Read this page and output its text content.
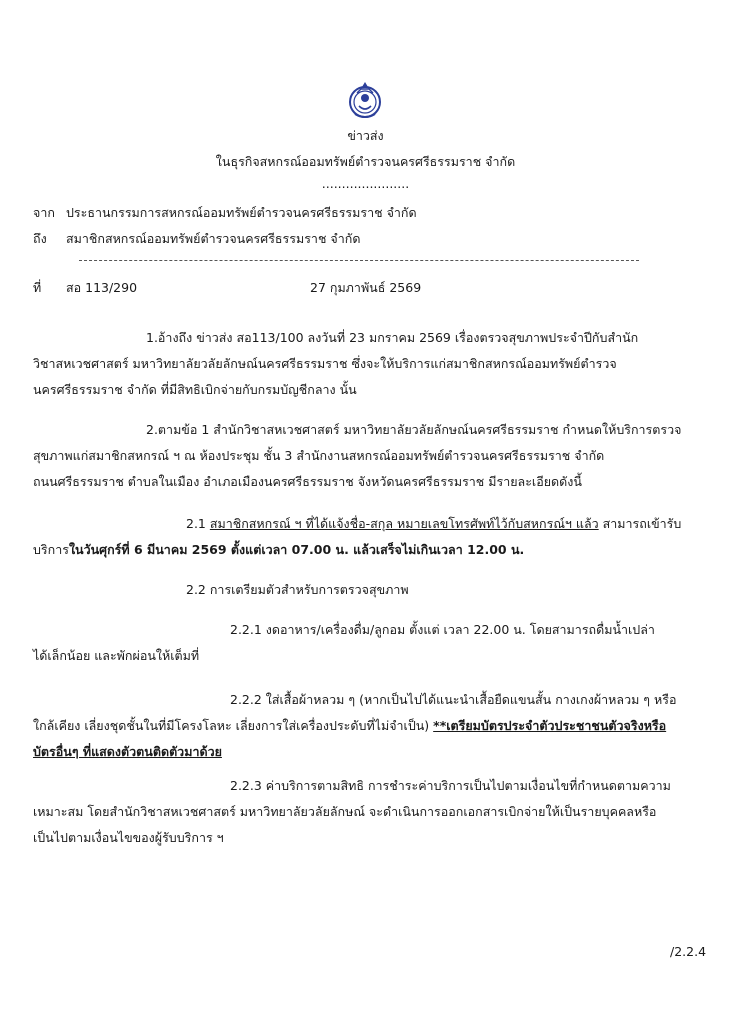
ข่าวส่ง
ในธุรกิจสหกรณ์ออมทรัพย์ตำรวจนครศรีธรรมราช จำกัด
......................
จาก ประธานกรรมการสหกรณ์ออมทรัพย์ตำรวจนครศรีธรรมราช จำกัด
ถึง สมาชิกสหกรณ์ออมทรัพย์ตำรวจนครศรีธรรมราช จำกัด
ที่ สอ 113/290	27 กุมภาพันธ์ 2569
1.อ้างถึง ข่าวส่ง สอ113/100 ลงวันที่ 23 มกราคม 2569 เรื่องตรวจสุขภาพประจำปีกับสำนัก
วิชาสหเวชศาสตร์ มหาวิทยาลัยวลัยลักษณ์นครศรีธรรมราช ซึ่งจะให้บริการแก่สมาชิกสหกรณ์ออมทรัพย์ตำรวจ
นครศรีธรรมราช จำกัด ที่มีสิทธิเบิกจ่ายกับกรมบัญชีกลาง นั้น
2.ตามข้อ 1 สำนักวิชาสหเวชศาสตร์ มหาวิทยาลัยวลัยลักษณ์นครศรีธรรมราช กำหนดให้บริการตรวจ
สุขภาพแก่สมาชิกสหกรณ์ ฯ ณ ห้องประชุม ชั้น 3 สำนักงานสหกรณ์ออมทรัพย์ตำรวจนครศรีธรรมราช จำกัด
ถนนศรีธรรมราช ตำบลในเมือง อำเภอเมืองนครศรีธรรมราช จังหวัดนครศรีธรรมราช มีรายละเอียดดังนี้
2.1 สมาชิกสหกรณ์ ฯ ที่ได้แจ้งชื่อ-สกุล หมายเลขโทรศัพท์ไว้กับสหกรณ์ฯ แล้ว สามารถเข้ารับ
บริการในวันศุกร์ที่ 6 มีนาคม 2569 ตั้งแต่เวลา 07.00 น. แล้วเสร็จไม่เกินเวลา 12.00 น.
2.2 การเตรียมตัวสำหรับการตรวจสุขภาพ
2.2.1 งดอาหาร/เครื่องดื่ม/ลูกอม ตั้งแต่ เวลา 22.00 น. โดยสามารถดื่มน้ำเปล่า
ได้เล็กน้อย และพักผ่อนให้เต็มที่
2.2.2 ใส่เสื้อผ้าหลวม ๆ (หากเป็นไปได้แนะนำเสื้อยืดแขนสั้น กางเกงผ้าหลวม ๆ หรือ
ใกล้เคียง เลี่ยงชุดชั้นในที่มีโครงโลหะ เลี่ยงการใส่เครื่องประดับที่ไม่จำเป็น) **เตรียมบัตรประจำตัวประชาชนตัวจริงหรือ
บัตรอื่นๆ ที่แสดงตัวตนติดตัวมาด้วย
2.2.3 ค่าบริการตามสิทธิ การชำระค่าบริการเป็นไปตามเงื่อนไขที่กำหนดตามความ
เหมาะสม โดยสำนักวิชาสหเวชศาสตร์ มหาวิทยาลัยวลัยลักษณ์ จะดำเนินการออกเอกสารเบิกจ่ายให้เป็นรายบุคคลหรือ
เป็นไปตามเงื่อนไขของผู้รับบริการ ฯ
/2.2.4
